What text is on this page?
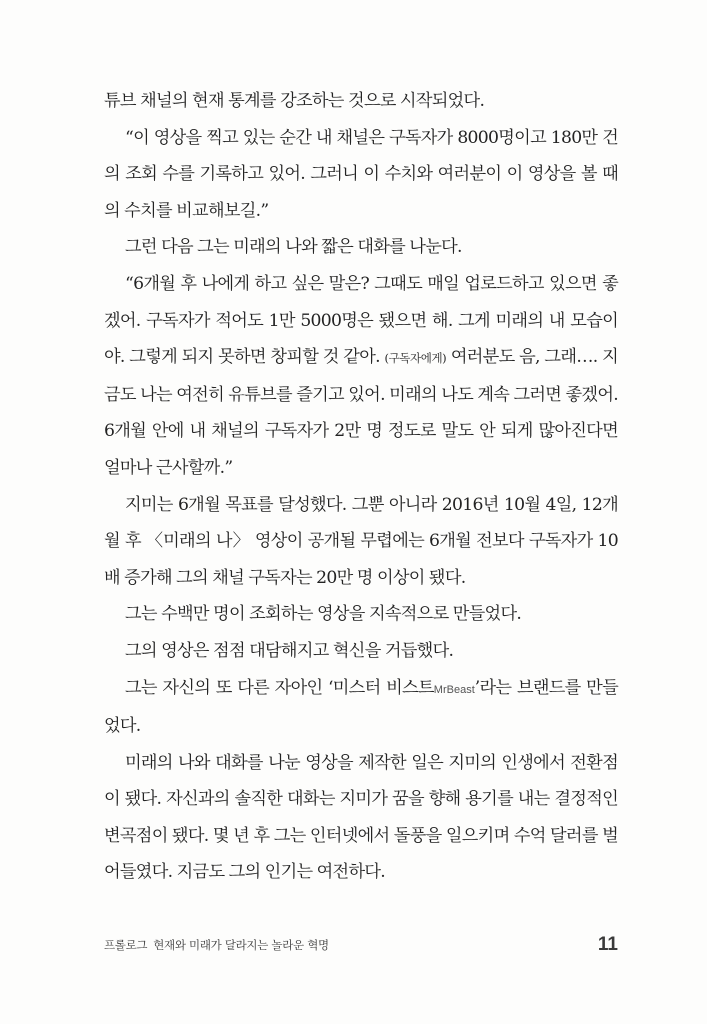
튜브 채널의 현재 통계를 강조하는 것으로 시작되었다.

“이 영상을 찍고 있는 순간 내 채널은 구독자가 8000명이고 180만 건의 조회 수를 기록하고 있어. 그러니 이 수치와 여러분이 이 영상을 볼 때의 수치를 비교해보길.”

그런 다음 그는 미래의 나와 짧은 대화를 나눈다.

“6개월 후 나에게 하고 싶은 말은? 그때도 매일 업로드하고 있으면 좋겠어. 구독자가 적어도 1만 5000명은 됐으면 해. 그게 미래의 내 모습이야. 그렇게 되지 못하면 창피할 것 같아. (구독자에게) 여러분도 음, 그래…. 지금도 나는 여전히 유튜브를 즐기고 있어. 미래의 나도 계속 그러면 좋겠어. 6개월 안에 내 채널의 구독자가 2만 명 정도로 말도 안 되게 많아진다면 얼마나 근사할까.”

지미는 6개월 목표를 달성했다. 그뿐 아니라 2016년 10월 4일, 12개월 후 〈미래의 나〉 영상이 공개될 무렵에는 6개월 전보다 구독자가 10배 증가해 그의 채널 구독자는 20만 명 이상이 됐다.

그는 수백만 명이 조회하는 영상을 지속적으로 만들었다.

그의 영상은 점점 대담해지고 혁신을 거듭했다.

그는 자신의 또 다른 자아인 ‘미스터 비스트MrBeast’라는 브랜드를 만들었다.

미래의 나와 대화를 나눈 영상을 제작한 일은 지미의 인생에서 전환점이 됐다. 자신과의 솔직한 대화는 지미가 꿈을 향해 용기를 내는 결정적인 변곡점이 됐다. 몇 년 후 그는 인터넷에서 돌풍을 일으키며 수억 달러를 벌어들였다. 지금도 그의 인기는 여전하다.

프롤로그 현재와 미래가 달라지는 놀라운 혁명	11
